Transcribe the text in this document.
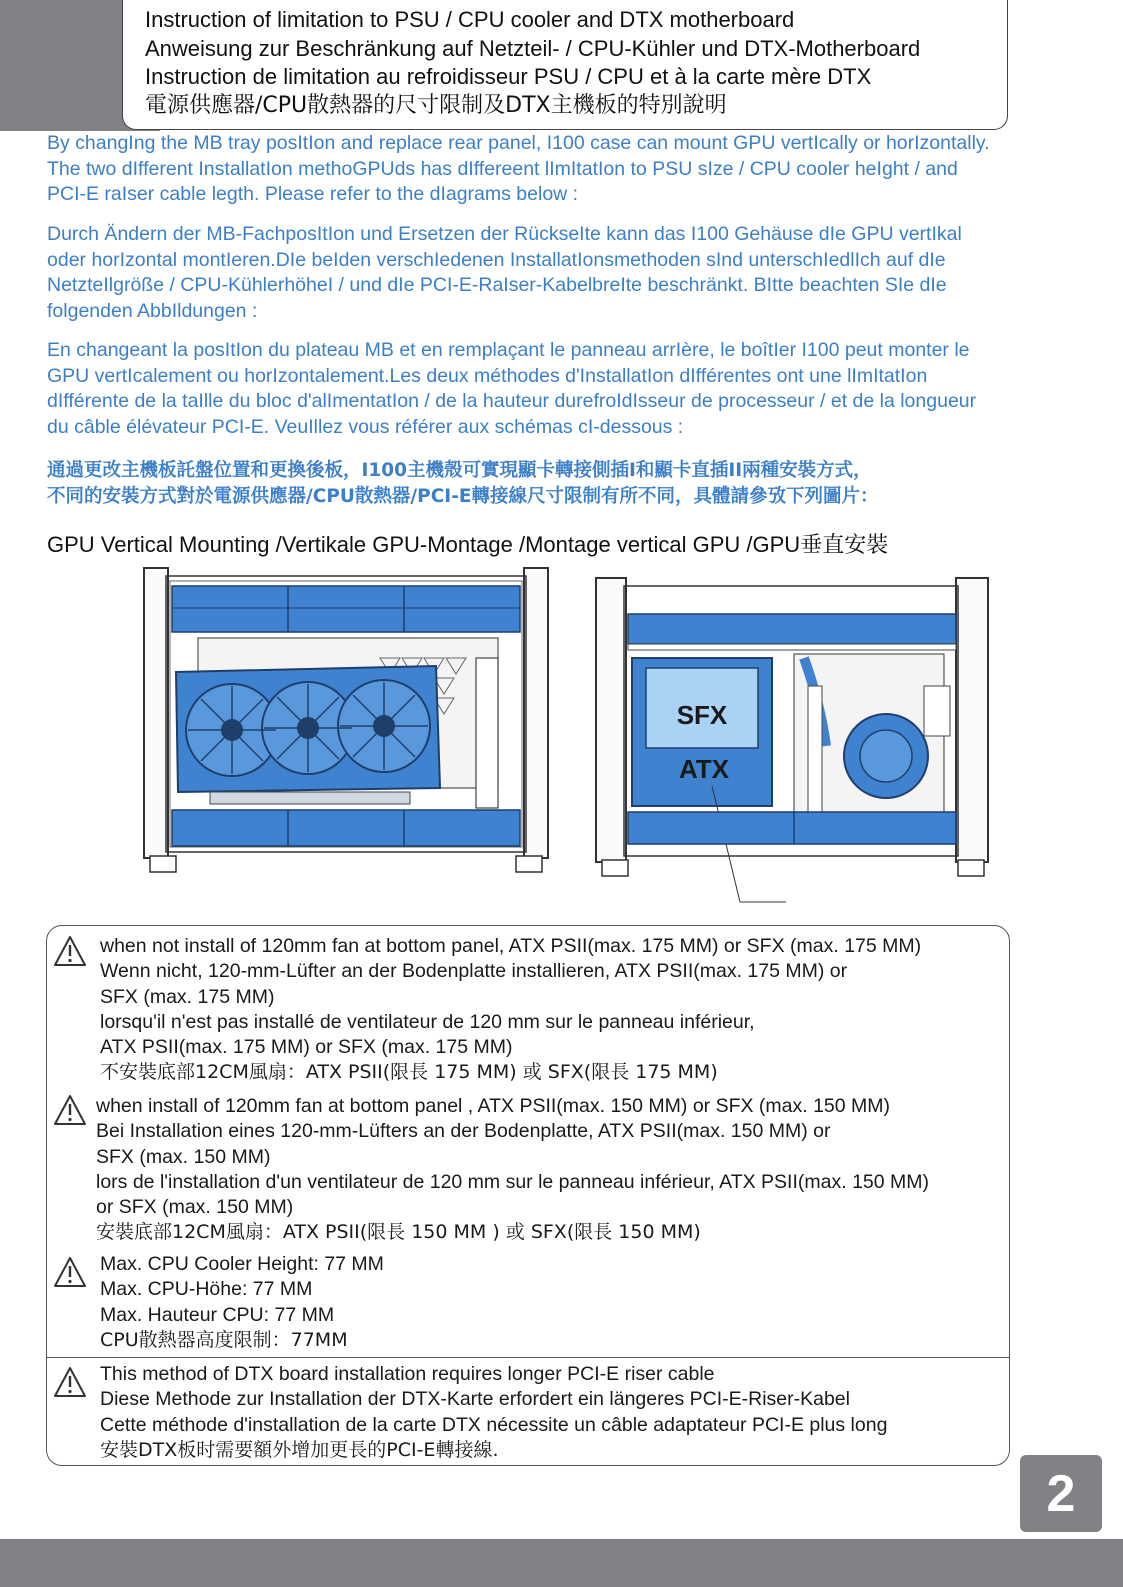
Instruction of limitation to PSU / CPU cooler and DTX motherboard
Anweisung zur Beschränkung auf Netzteil- / CPU-Kühler und DTX-Motherboard
Instruction de limitation au refroidisseur PSU / CPU et à la carte mère DTX
電源供應器/CPU散熱器的尺寸限制及DTX主機板的特別說明
By changIng the MB tray posItIon and replace rear panel, I100 case can mount GPU vertIcally or horIzontally.
The two dIfferent InstallatIon methoGPUds has dIffereent lImItatIon to PSU sIze / CPU cooler heIght / and
PCI-E raIser cable legth. Please refer to the dIagrams below :
Durch Ändern der MB-FachposItIon und Ersetzen der RückseIte kann das I100 Gehäuse dIe GPU vertIkal
oder horIzontal montIeren.DIe beIden verschIedenen InstallatIonsmethoden sInd unterschIedlIch auf dIe
NetzteIlgröße / CPU-KühlerhöheI / und dIe PCI-E-RaIser-KabelbreIte beschränkt. BItte beachten SIe dIe
folgenden AbbIldungen :
En changeant la posItIon du plateau MB et en remplaçant le panneau arrIère, le boîtIer I100 peut monter le
GPU vertIcalement ou horIzontalement.Les deux méthodes d'InstallatIon dIfférentes ont une lImItatIon
dIfférente de la taIlle du bloc d'alImentatIon / de la hauteur durefroIdIsseur de processeur / et de la longueur
du câble élévateur PCI-E. VeuIllez vous référer aux schémas cI-dessous :
通過更改主機板託盤位置和更換後板，I100主機殼可實現顯卡轉接側插I和顯卡直插II兩種安裝方式，
不同的安裝方式對於電源供應器/CPU散熱器/PCI-E轉接線尺寸限制有所不同，具體請參攷下列圖片：
GPU Vertical Mounting /Vertikale GPU-Montage /Montage vertical GPU /GPU垂直安裝
SFX
ATX
when not install of 120mm fan at bottom panel, ATX PSII(max. 175 MM) or SFX (max. 175 MM)
Wenn nicht, 120-mm-Lüfter an der Bodenplatte installieren, ATX PSII(max. 175 MM) or
SFX (max. 175 MM)
lorsqu'il n'est pas installé de ventilateur de 120 mm sur le panneau inférieur,
ATX PSII(max. 175 MM) or SFX (max. 175 MM)
不安裝底部12CM風扇：ATX PSII(限長 175 MM) 或 SFX(限長 175 MM)
when install of 120mm fan at bottom panel , ATX PSII(max. 150 MM) or SFX (max. 150 MM)
Bei Installation eines 120-mm-Lüfters an der Bodenplatte, ATX PSII(max. 150 MM) or
SFX (max. 150 MM)
lors de l'installation d'un ventilateur de 120 mm sur le panneau inférieur, ATX PSII(max. 150 MM)
or SFX (max. 150 MM)
安裝底部12CM風扇：ATX PSII(限長 150 MM ) 或 SFX(限長 150 MM)
Max. CPU Cooler Height: 77 MM
Max. CPU-Höhe: 77 MM
Max. Hauteur CPU: 77 MM
CPU散熱器高度限制：77MM
This method of DTX board installation requires longer PCI-E riser cable
Diese Methode zur Installation der DTX-Karte erfordert ein längeres PCI-E-Riser-Kabel
Cette méthode d'installation de la carte DTX nécessite un câble adaptateur PCI-E plus long
安裝DTX板时需要額外增加更長的PCI-E轉接線.
2
